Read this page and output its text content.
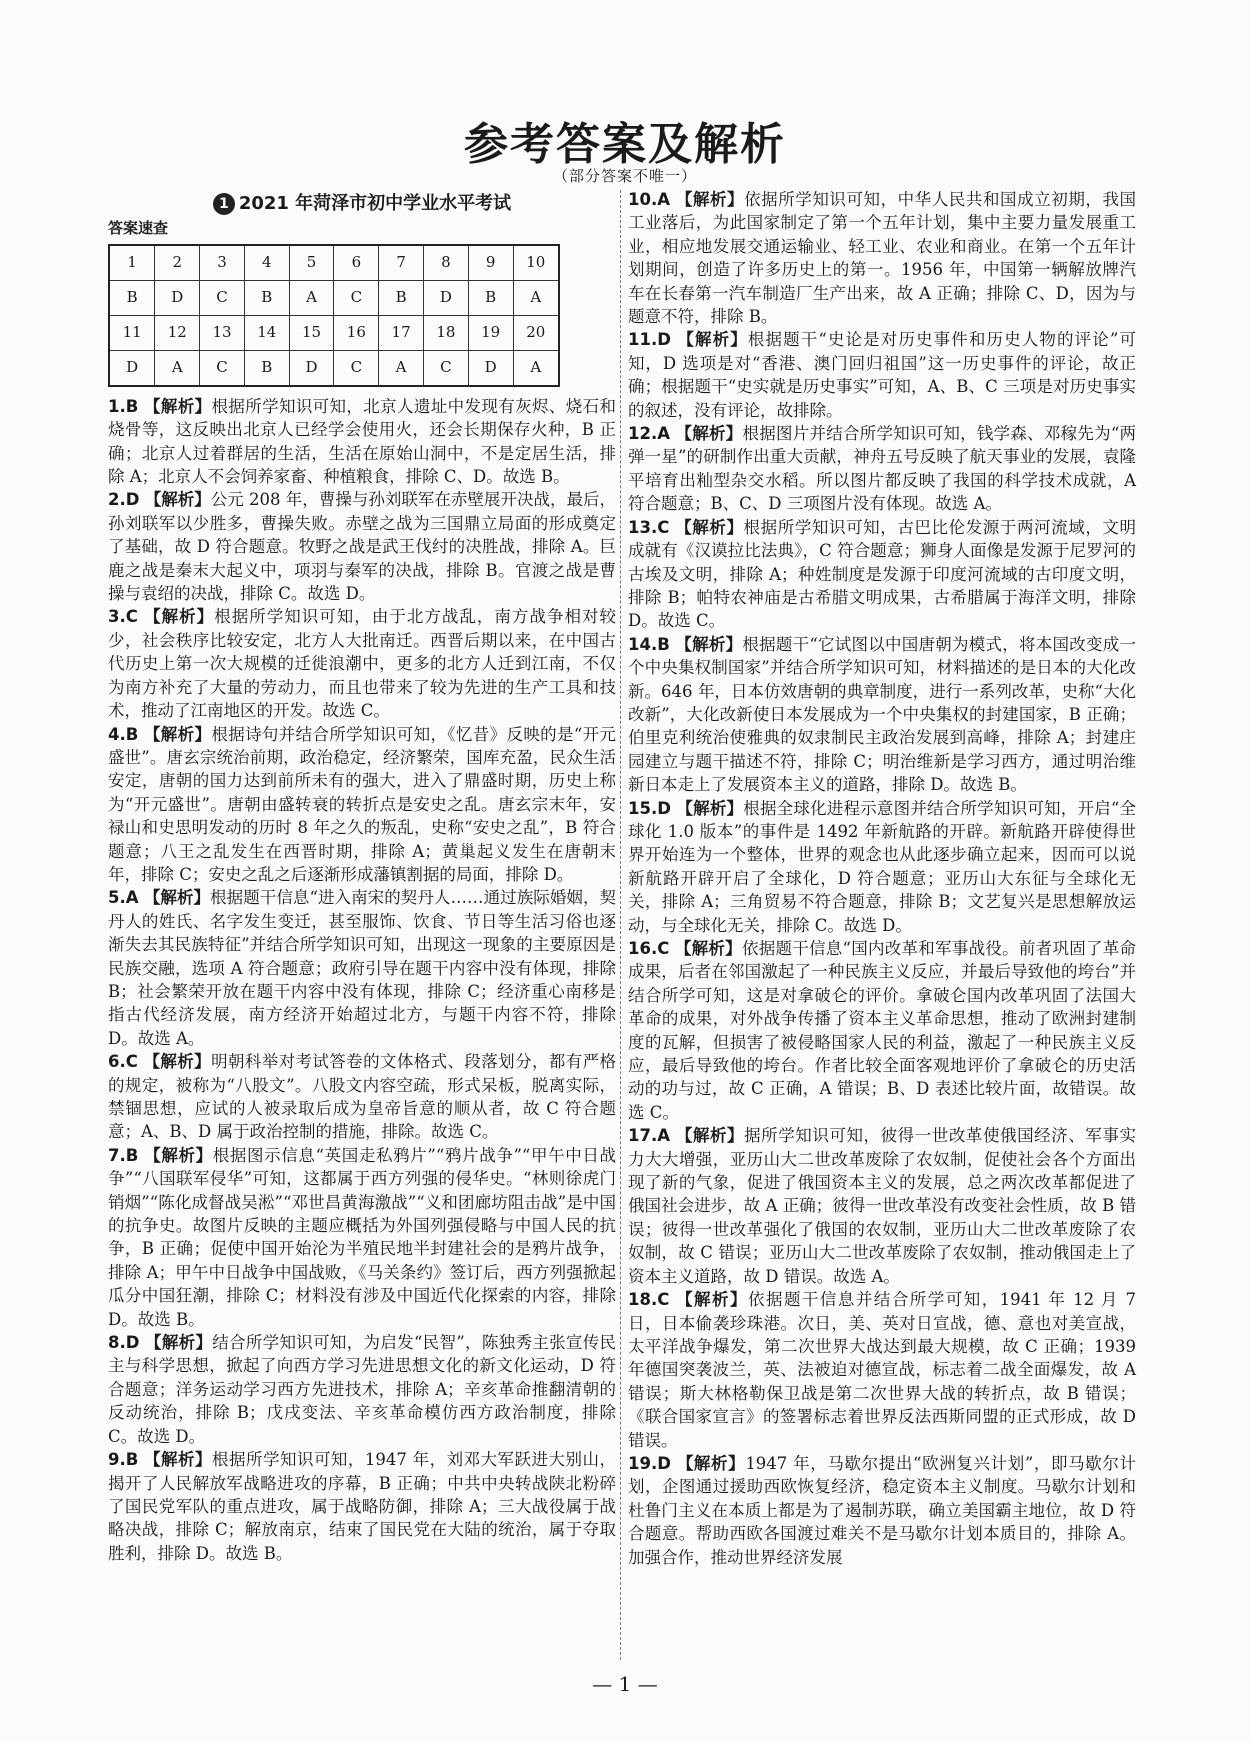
参考答案及解析
（部分答案不唯一）
1 2021 年菏泽市初中学业水平考试
答案速查
1	2	3	4	5	6	7	8	9	10
B	D	C	B	A	C	B	D	B	A
11	12	13	14	15	16	17	18	19	20
D	A	C	B	D	C	A	C	D	A

1.B 【解析】根据所学知识可知，北京人遗址中发现有灰烬、烧石和烧骨等，这反映出北京人已经学会使用火，还会长期保存火种，B 正确；北京人过着群居的生活，生活在原始山洞中，不是定居生活，排除 A；北京人不会饲养家畜、种植粮食，排除 C、D。故选 B。

2.D 【解析】公元 208 年，曹操与孙刘联军在赤壁展开决战，最后，孙刘联军以少胜多，曹操失败。赤壁之战为三国鼎立局面的形成奠定了基础，故 D 符合题意。牧野之战是武王伐纣的决胜战，排除 A。巨鹿之战是秦末大起义中，项羽与秦军的决战，排除 B。官渡之战是曹操与袁绍的决战，排除 C。故选 D。

3.C 【解析】根据所学知识可知，由于北方战乱，南方战争相对较少，社会秩序比较安定，北方人大批南迁。西晋后期以来，在中国古代历史上第一次大规模的迁徙浪潮中，更多的北方人迁到江南，不仅为南方补充了大量的劳动力，而且也带来了较为先进的生产工具和技术，推动了江南地区的开发。故选 C。

4.B 【解析】根据诗句并结合所学知识可知，《忆昔》反映的是“开元盛世”。唐玄宗统治前期，政治稳定，经济繁荣，国库充盈，民众生活安定，唐朝的国力达到前所未有的强大，进入了鼎盛时期，历史上称为“开元盛世”。唐朝由盛转衰的转折点是安史之乱。唐玄宗末年，安禄山和史思明发动的历时 8 年之久的叛乱，史称“安史之乱”，B 符合题意；八王之乱发生在西晋时期，排除 A；黄巢起义发生在唐朝末年，排除 C；安史之乱之后逐渐形成藩镇割据的局面，排除 D。

5.A 【解析】根据题干信息“进入南宋的契丹人……通过族际婚姻，契丹人的姓氏、名字发生变迁，甚至服饰、饮食、节日等生活习俗也逐渐失去其民族特征”并结合所学知识可知，出现这一现象的主要原因是民族交融，选项 A 符合题意；政府引导在题干内容中没有体现，排除 B；社会繁荣开放在题干内容中没有体现，排除 C；经济重心南移是指古代经济发展，南方经济开始超过北方，与题干内容不符，排除 D。故选 A。

6.C 【解析】明朝科举对考试答卷的文体格式、段落划分，都有严格的规定，被称为“八股文”。八股文内容空疏，形式呆板，脱离实际，禁锢思想，应试的人被录取后成为皇帝旨意的顺从者，故 C 符合题意；A、B、D 属于政治控制的措施，排除。故选 C。

7.B 【解析】根据图示信息“英国走私鸦片”“鸦片战争”“甲午中日战争”“八国联军侵华”可知，这都属于西方列强的侵华史。“林则徐虎门销烟”“陈化成督战吴淞”“邓世昌黄海激战”“义和团廊坊阻击战”是中国的抗争史。故图片反映的主题应概括为外国列强侵略与中国人民的抗争，B 正确；促使中国开始沦为半殖民地半封建社会的是鸦片战争，排除 A；甲午中日战争中国战败，《马关条约》签订后，西方列强掀起瓜分中国狂潮，排除 C；材料没有涉及中国近代化探索的内容，排除 D。故选 B。

8.D 【解析】结合所学知识可知，为启发“民智”，陈独秀主张宣传民主与科学思想，掀起了向西方学习先进思想文化的新文化运动，D 符合题意；洋务运动学习西方先进技术，排除 A；辛亥革命推翻清朝的反动统治，排除 B；戊戌变法、辛亥革命模仿西方政治制度，排除 C。故选 D。

9.B 【解析】根据所学知识可知，1947 年，刘邓大军跃进大别山，揭开了人民解放军战略进攻的序幕，B 正确；中共中央转战陕北粉碎了国民党军队的重点进攻，属于战略防御，排除 A；三大战役属于战略决战，排除 C；解放南京，结束了国民党在大陆的统治，属于夺取胜利，排除 D。故选 B。

10.A 【解析】依据所学知识可知，中华人民共和国成立初期，我国工业落后，为此国家制定了第一个五年计划，集中主要力量发展重工业，相应地发展交通运输业、轻工业、农业和商业。在第一个五年计划期间，创造了许多历史上的第一。1956 年，中国第一辆解放牌汽车在长春第一汽车制造厂生产出来，故 A 正确；排除 C、D，因为与题意不符，排除 B。

11.D 【解析】根据题干“史论是对历史事件和历史人物的评论”可知，D 选项是对“香港、澳门回归祖国”这一历史事件的评论，故正确；根据题干“史实就是历史事实”可知，A、B、C 三项是对历史事实的叙述，没有评论，故排除。

12.A 【解析】根据图片并结合所学知识可知，钱学森、邓稼先为“两弹一星”的研制作出重大贡献，神舟五号反映了航天事业的发展，袁隆平培育出籼型杂交水稻。所以图片都反映了我国的科学技术成就，A 符合题意；B、C、D 三项图片没有体现。故选 A。

13.C 【解析】根据所学知识可知，古巴比伦发源于两河流域，文明成就有《汉谟拉比法典》，C 符合题意；狮身人面像是发源于尼罗河的古埃及文明，排除 A；种姓制度是发源于印度河流域的古印度文明，排除 B；帕特农神庙是古希腊文明成果，古希腊属于海洋文明，排除 D。故选 C。

14.B 【解析】根据题干“它试图以中国唐朝为模式，将本国改变成一个中央集权制国家”并结合所学知识可知，材料描述的是日本的大化改新。646 年，日本仿效唐朝的典章制度，进行一系列改革，史称“大化改新”，大化改新使日本发展成为一个中央集权的封建国家，B 正确；伯里克利统治使雅典的奴隶制民主政治发展到高峰，排除 A；封建庄园建立与题干描述不符，排除 C；明治维新是学习西方，通过明治维新日本走上了发展资本主义的道路，排除 D。故选 B。

15.D 【解析】根据全球化进程示意图并结合所学知识可知，开启“全球化 1.0 版本”的事件是 1492 年新航路的开辟。新航路开辟使得世界开始连为一个整体，世界的观念也从此逐步确立起来，因而可以说新航路开辟开启了全球化，D 符合题意；亚历山大东征与全球化无关，排除 A；三角贸易不符合题意，排除 B；文艺复兴是思想解放运动，与全球化无关，排除 C。故选 D。

16.C 【解析】依据题干信息“国内改革和军事战役。前者巩固了革命成果，后者在邻国激起了一种民族主义反应，并最后导致他的垮台”并结合所学可知，这是对拿破仑的评价。拿破仑国内改革巩固了法国大革命的成果，对外战争传播了资本主义革命思想，推动了欧洲封建制度的瓦解，但损害了被侵略国家人民的利益，激起了一种民族主义反应，最后导致他的垮台。作者比较全面客观地评价了拿破仑的历史活动的功与过，故 C 正确，A 错误；B、D 表述比较片面，故错误。故选 C。

17.A 【解析】据所学知识可知，彼得一世改革使俄国经济、军事实力大大增强，亚历山大二世改革废除了农奴制，促使社会各个方面出现了新的气象，促进了俄国资本主义的发展，总之两次改革都促进了俄国社会进步，故 A 正确；彼得一世改革没有改变社会性质，故 B 错误；彼得一世改革强化了俄国的农奴制，亚历山大二世改革废除了农奴制，故 C 错误；亚历山大二世改革废除了农奴制，推动俄国走上了资本主义道路，故 D 错误。故选 A。

18.C 【解析】依据题干信息并结合所学可知，1941 年 12 月 7 日，日本偷袭珍珠港。次日，美、英对日宣战，德、意也对美宣战，太平洋战争爆发，第二次世界大战达到最大规模，故 C 正确；1939 年德国突袭波兰，英、法被迫对德宣战，标志着二战全面爆发，故 A 错误；斯大林格勒保卫战是第二次世界大战的转折点，故 B 错误；《联合国家宣言》的签署标志着世界反法西斯同盟的正式形成，故 D 错误。

19.D 【解析】1947 年，马歇尔提出“欧洲复兴计划”，即马歇尔计划，企图通过援助西欧恢复经济，稳定资本主义制度。马歇尔计划和杜鲁门主义在本质上都是为了遏制苏联，确立美国霸主地位，故 D 符合题意。帮助西欧各国渡过难关不是马歇尔计划本质目的，排除 A。加强合作，推动世界经济发展

— 1 —
